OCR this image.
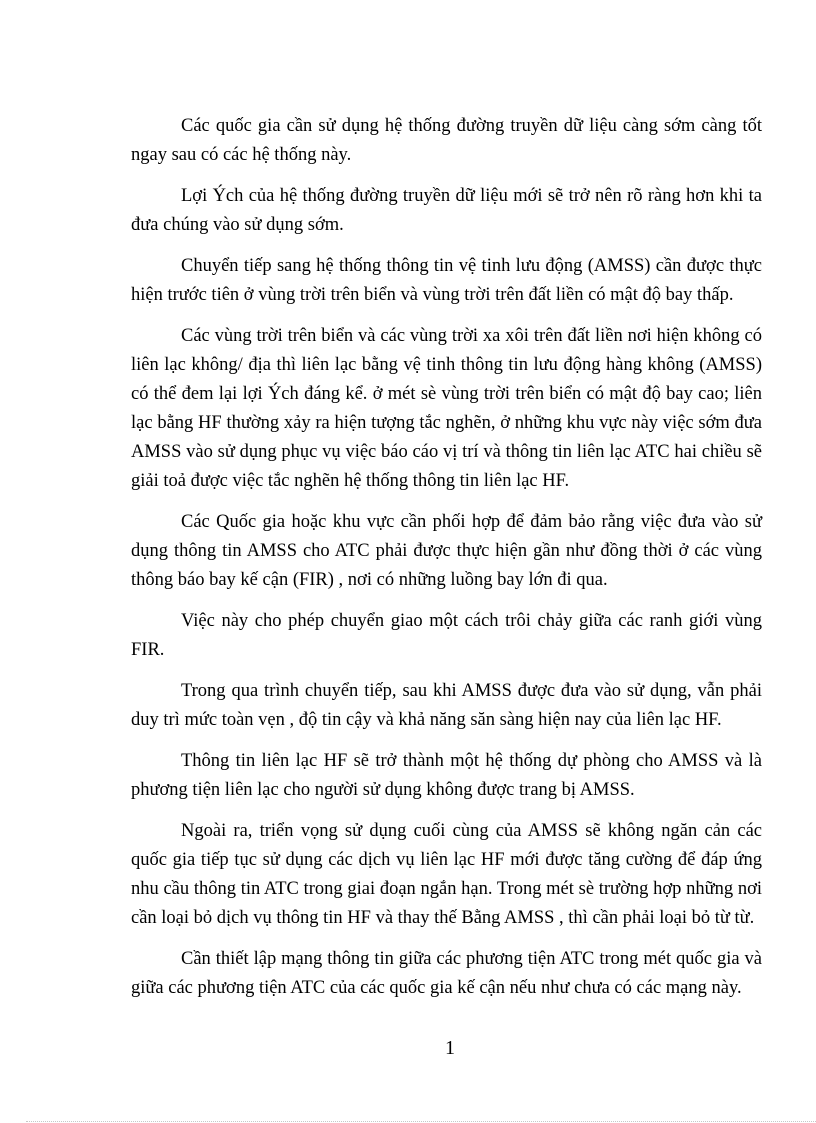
Các quốc gia cần sử dụng hệ thống đường truyền dữ liệu càng sớm càng tốt ngay sau có các hệ thống này.

Lợi Ých của hệ thống đường truyền dữ liệu mới sẽ trở nên rõ ràng hơn khi ta đưa chúng vào sử dụng sớm.

Chuyển tiếp sang hệ thống thông tin vệ tinh lưu động (AMSS) cần được thực hiện trước tiên ở vùng trời trên biển và vùng trời trên đất liền có mật độ bay thấp.

Các vùng trời trên biển và các vùng trời xa xôi trên đất liền nơi hiện không có liên lạc không/ địa thì liên lạc bằng vệ tinh thông tin lưu động hàng không (AMSS) có thể đem lại lợi Ých đáng kể. ở mét sè vùng trời trên biển có mật độ bay cao; liên lạc bằng HF thường xảy ra hiện tượng tắc nghẽn, ở những khu vực này việc sớm đưa AMSS vào sử dụng phục vụ việc báo cáo vị trí và thông tin liên lạc ATC hai chiều sẽ giải toả được việc tắc nghẽn hệ thống thông tin liên lạc HF.

Các Quốc gia hoặc khu vực cần phối hợp để đảm bảo rằng việc đưa vào sử dụng thông tin AMSS cho ATC phải được thực hiện gần như đồng thời ở các vùng thông báo bay kế cận (FIR) , nơi có những luồng bay lớn đi qua.

Việc này cho phép chuyển giao một cách trôi chảy giữa các ranh giới vùng FIR.

Trong qua trình chuyển tiếp, sau khi AMSS được đưa vào sử dụng, vẫn phải duy trì mức toàn vẹn , độ tin cậy và khả năng săn sàng hiện nay của liên lạc HF.

Thông tin liên lạc HF sẽ trở thành một hệ thống dự phòng cho AMSS và là phương tiện liên lạc cho người sử dụng không được trang bị AMSS.

Ngoài ra, triển vọng sử dụng cuối cùng của AMSS sẽ không ngăn cản các quốc gia tiếp tục sử dụng các dịch vụ liên lạc HF mới được tăng cường để đáp ứng nhu cầu thông tin ATC trong giai đoạn ngắn hạn. Trong mét sè trường hợp những nơi cần loại bỏ dịch vụ thông tin HF và thay thế Bằng AMSS , thì cần phải loại bỏ từ từ.

Cần thiết lập mạng thông tin giữa các phương tiện ATC trong mét quốc gia và giữa các phương tiện ATC của các quốc gia kế cận nếu như chưa có các mạng này.

1
